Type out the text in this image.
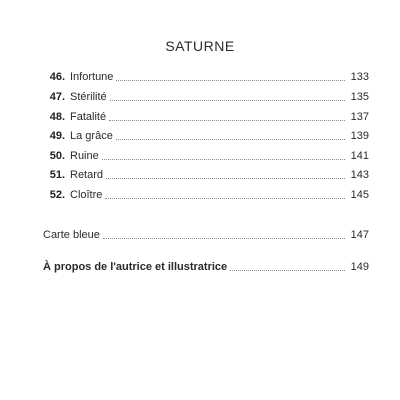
SATURNE
46. Infortune	133
47. Stérilité	135
48. Fatalité	137
49. La grâce	139
50. Ruine	141
51. Retard	143
52. Cloître	145
Carte bleue	147
À propos de l'autrice et illustratrice	149
